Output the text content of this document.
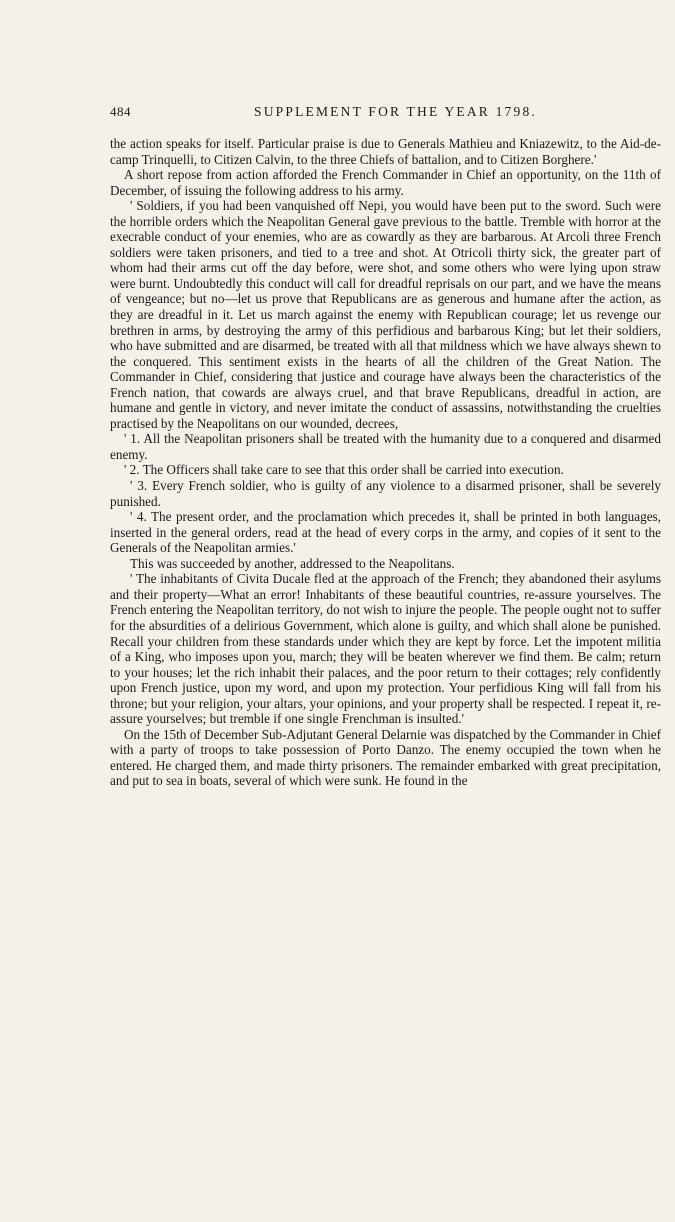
484	SUPPLEMENT FOR THE YEAR 1798.

the action speaks for itself. Particular praise is due to Generals Mathieu and Kniazewitz, to the Aid-de-camp Trinquelli, to Citizen Calvin, to the three Chiefs of battalion, and to Citizen Borghere.'

A short repose from action afforded the French Commander in Chief an opportunity, on the 11th of December, of issuing the following address to his army.

' Soldiers, if you had been vanquished off Nepi, you would have been put to the sword. Such were the horrible orders which the Neapolitan General gave previous to the battle. Tremble with horror at the execrable conduct of your enemies, who are as cowardly as they are barbarous. At Arcoli three French soldiers were taken prisoners, and tied to a tree and shot. At Otricoli thirty sick, the greater part of whom had their arms cut off the day before, were shot, and some others who were lying upon straw were burnt. Undoubtedly this conduct will call for dreadful reprisals on our part, and we have the means of vengeance; but no—let us prove that Republicans are as generous and humane after the action, as they are dreadful in it. Let us march against the enemy with Republican courage; let us revenge our brethren in arms, by destroying the army of this perfidious and barbarous King; but let their soldiers, who have submitted and are disarmed, be treated with all that mildness which we have always shewn to the conquered. This sentiment exists in the hearts of all the children of the Great Nation. The Commander in Chief, considering that justice and courage have always been the characteristics of the French nation, that cowards are always cruel, and that brave Republicans, dreadful in action, are humane and gentle in victory, and never imitate the conduct of assassins, notwithstanding the cruelties practised by the Neapolitans on our wounded, decrees,

' 1. All the Neapolitan prisoners shall be treated with the humanity due to a conquered and disarmed enemy.

' 2. The Officers shall take care to see that this order shall be carried into execution.

' 3. Every French soldier, who is guilty of any violence to a disarmed prisoner, shall be severely punished.

' 4. The present order, and the proclamation which precedes it, shall be printed in both languages, inserted in the general orders, read at the head of every corps in the army, and copies of it sent to the Generals of the Neapolitan armies.'

This was succeeded by another, addressed to the Neapolitans.

' The inhabitants of Civita Ducale fled at the approach of the French; they abandoned their asylums and their property—What an error! Inhabitants of these beautiful countries, re-assure yourselves. The French entering the Neapolitan territory, do not wish to injure the people. The people ought not to suffer for the absurdities of a delirious Government, which alone is guilty, and which shall alone be punished. Recall your children from these standards under which they are kept by force. Let the impotent militia of a King, who imposes upon you, march; they will be beaten wherever we find them. Be calm; return to your houses; let the rich inhabit their palaces, and the poor return to their cottages; rely confidently upon French justice, upon my word, and upon my protection. Your perfidious King will fall from his throne; but your religion, your altars, your opinions, and your property shall be respected. I repeat it, re-assure yourselves; but tremble if one single Frenchman is insulted.'

On the 15th of December Sub-Adjutant General Delarnie was dispatched by the Commander in Chief with a party of troops to take possession of Porto Danzo. The enemy occupied the town when he entered. He charged them, and made thirty prisoners. The remainder embarked with great precipitation, and put to sea in boats, several of which were sunk. He found in the
